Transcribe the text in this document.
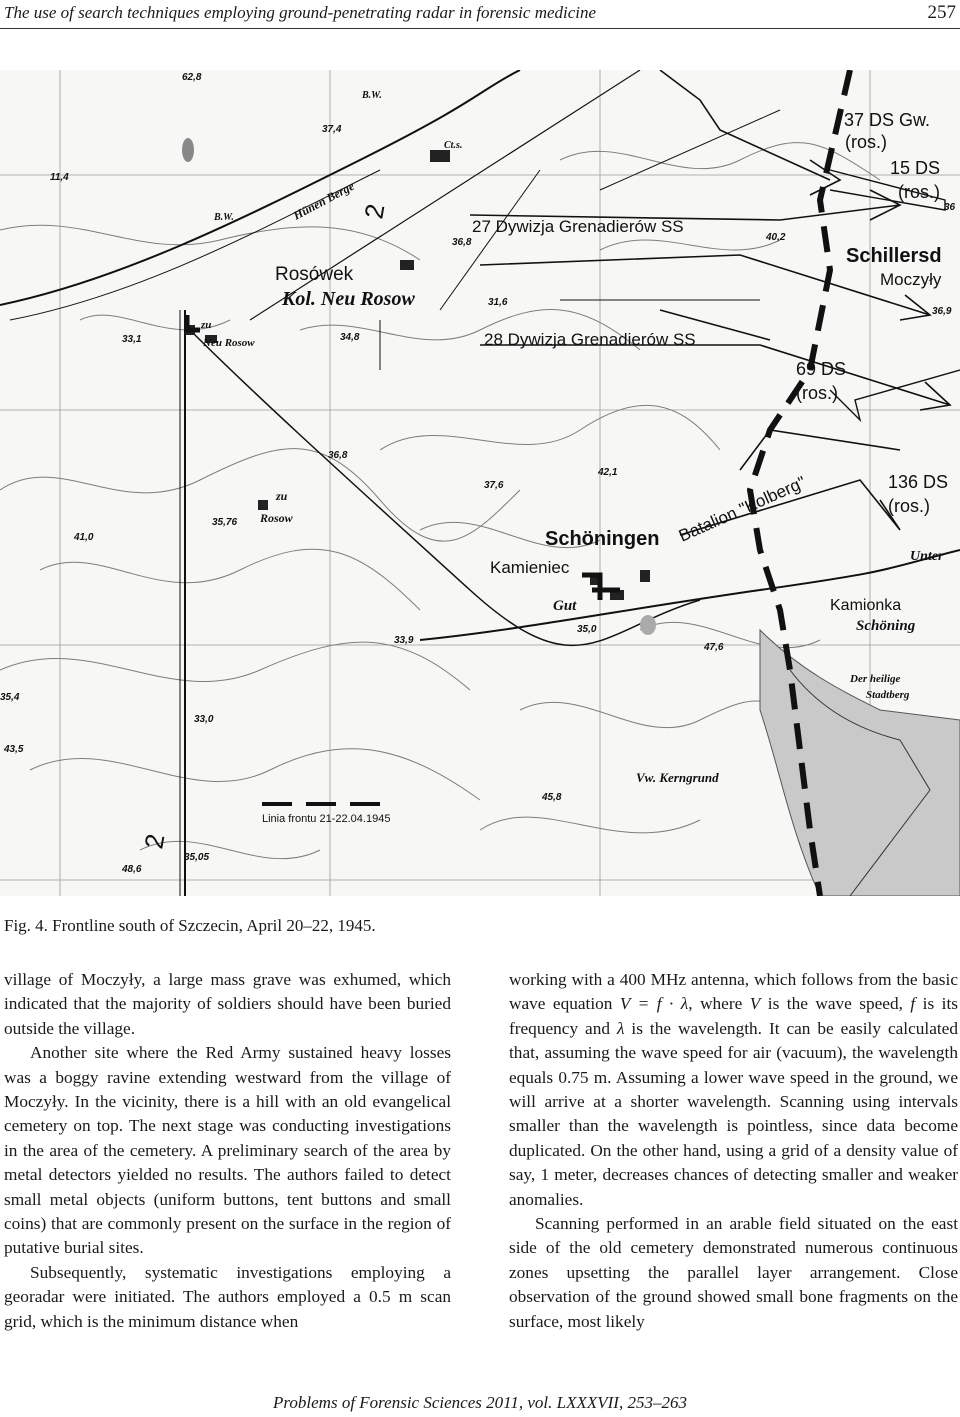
The use of search techniques employing ground-penetrating radar in forensic medicine	257
37 DS Gw.
(ros.)
15 DS
(ros.)
27 Dywizja Grenadierów SS
Schillersd
Moczyły
Rosówek
Kol. Neu Rosow
Neu Rosow
zu
28 Dywizja Grenadierów SS
69 DS
(ros.)
136 DS
(ros.)
Batalion "Kolberg"
Schöningen
Kamieniec
Gut	Kamionka
Schöning
Unter
Hünen Berge
Der heilige
Stadtberg
Vw. Kerngrund
zu
Rosow
B.W.
B.W.
Ct.s.
Linia frontu 21-22.04.1945
2
2
62,8
37,4
11,4
36,8	40,2
31,6
33,1	34,8
36,8
42,1
37,6
35,76
41,0
33,9
35,0
47,6
35,4
33,0
43,5
45,8
48,6
35,05
36
36,9
Fig. 4. Frontline south of Szczecin, April 20–22, 1945.

village of Moczyły, a large mass grave was exhumed, which indicated that the majority of soldiers should have been buried outside the village.

Another site where the Red Army sustained heavy losses was a boggy ravine extending westward from the village of Moczyły. In the vicinity, there is a hill with an old evangelical cemetery on top. The next stage was conducting investigations in the area of the cemetery. A preliminary search of the area by metal detectors yielded no results. The authors failed to detect small metal objects (uniform buttons, tent buttons and small coins) that are commonly present on the surface in the region of putative burial sites.

Subsequently, systematic investigations employing a georadar were initiated. The authors employed a 0.5 m scan grid, which is the minimum distance when

working with a 400 MHz antenna, which follows from the basic wave equation V = f · λ, where V is the wave speed, f is its frequency and λ is the wavelength. It can be easily calculated that, assuming the wave speed for air (vacuum), the wavelength equals 0.75 m. Assuming a lower wave speed in the ground, we will arrive at a shorter wavelength. Scanning using intervals smaller than the wavelength is pointless, since data become duplicated. On the other hand, using a grid of a density value of say, 1 meter, decreases chances of detecting smaller and weaker anomalies.

Scanning performed in an arable field situated on the east side of the old cemetery demonstrated numerous continuous zones upsetting the parallel layer arrangement. Close observation of the ground showed small bone fragments on the surface, most likely

Problems of Forensic Sciences 2011, vol. LXXXVII, 253–263
